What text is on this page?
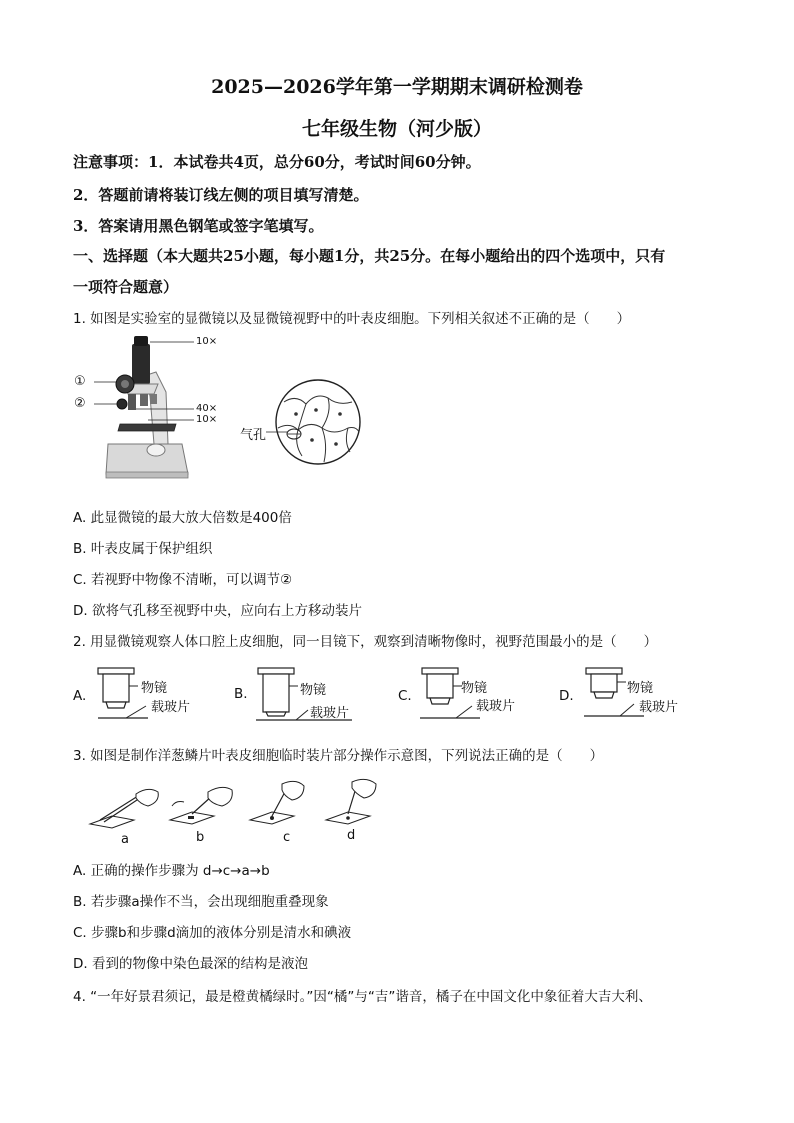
2025—2026学年第一学期期末调研检测卷
七年级生物（河少版）
注意事项：1．本试卷共4页，总分60分，考试时间60分钟。
2．答题前请将装订线左侧的项目填写清楚。
3．答案请用黑色钢笔或签字笔填写。
一、选择题（本大题共25小题，每小题1分，共25分。在每小题给出的四个选项中，只有
一项符合题意）
1. 如图是实验室的显微镜以及显微镜视野中的叶表皮细胞。下列相关叙述不正确的是（　　）
10×
①
②	40×
10×
气孔
A. 此显微镜的最大放大倍数是400倍
B. 叶表皮属于保护组织
C. 若视野中物像不清晰，可以调节②
D. 欲将气孔移至视野中央，应向右上方移动装片
2. 用显微镜观察人体口腔上皮细胞，同一目镜下，观察到清晰物像时，视野范围最小的是（　　）
A.	物镜
载玻片
B.	物镜
载玻片
C.	物镜
载玻片
D.	物镜
载玻片
3. 如图是制作洋葱鳞片叶表皮细胞临时装片部分操作示意图，下列说法正确的是（　　）
a	b	c	d
A. 正确的操作步骤为 d→c→a→b
B. 若步骤a操作不当，会出现细胞重叠现象
C. 步骤b和步骤d滴加的液体分别是清水和碘液
D. 看到的物像中染色最深的结构是液泡
4. “一年好景君须记，最是橙黄橘绿时。”因“橘”与“吉”谐音，橘子在中国文化中象征着大吉大利、
